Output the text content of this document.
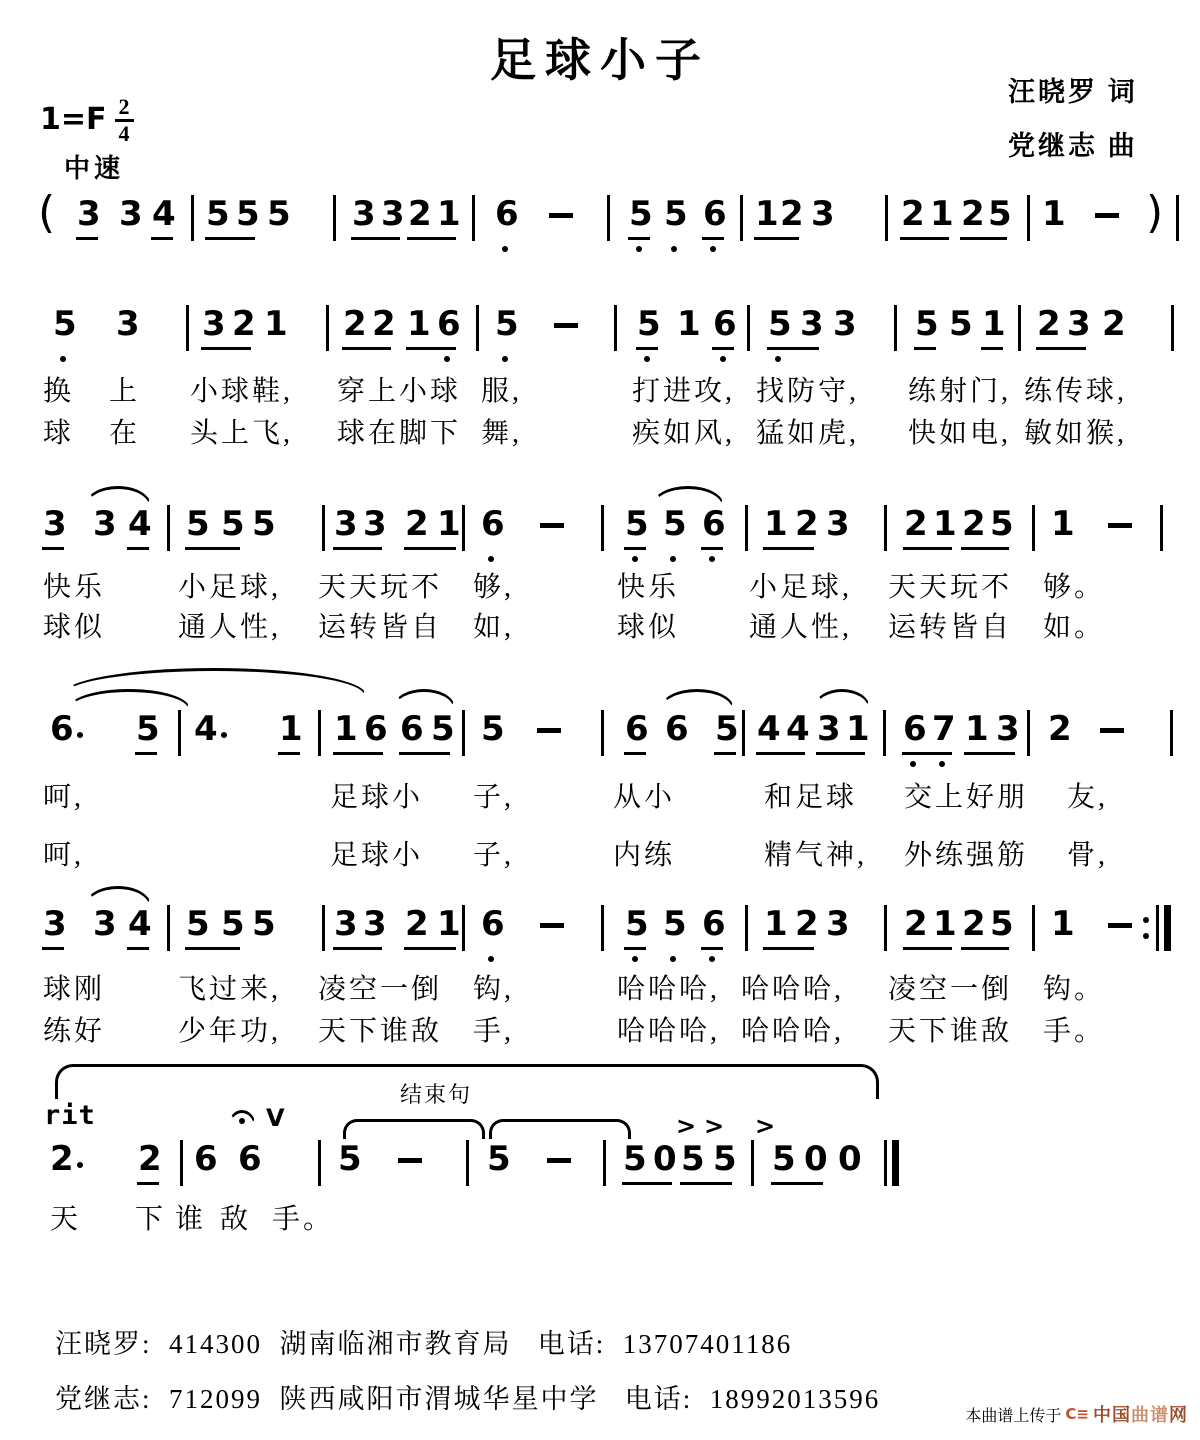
足球小子
汪晓罗 词
党继志 曲
$1=F \frac{2}{4}$
中速
( 3 3 4 5 5 5 3 3 2 1 6	5 5 6 1 2 3 2 1 2 5 1 )
5 3 3 2 1 2 2 1 6 5	5 1 6 5 3 3 5 5 1 2 3 2
换 上 小球鞋, 穿上小球 服,	打进攻, 找防守, 练射门, 练传球,
球 在 头上飞, 球在脚下 舞,	疾如风, 猛如虎, 快如电, 敏如猴,
3 3 4 5 5 5 3 3 2 1 6	5 5 6 1 2 3 2 1 2 5 1
快乐	小足球, 天天玩不 够,	快乐 小足球, 天天玩不 够。
球似	通人性, 运转皆自 如,	球似 通人性, 运转皆自 如。
6 5 4 1 1 6 6 5 5	6 6 5 4 4 3 1 6 7 1 3 2
呵,	足球小 子,	从小	和足球 交上好朋 友,
呵,	足球小 子,	内练	精气神, 外练强筋 骨,
3 3 4 5 5 5 3 3 2 1 6	5 5 6 1 2 3 2 1 2 5 1
球刚	飞过来, 凌空一倒 钩,	哈哈哈, 哈哈哈, 凌空一倒 钩。
练好	少年功, 天下谁敌 手,	哈哈哈, 哈哈哈, 天下谁敌 手。
2 2 6 6 5	5	5 0 5 5 5 0 0
结束句
rit	V	> > >
天 下 谁 敌 手。
汪晓罗:  414300  湖南临湘市教育局   电话:  13707401186
党继志:  712099  陕西咸阳市渭城华星中学   电话:  18992013596
本曲谱上传于 C≡ 中国曲谱网
